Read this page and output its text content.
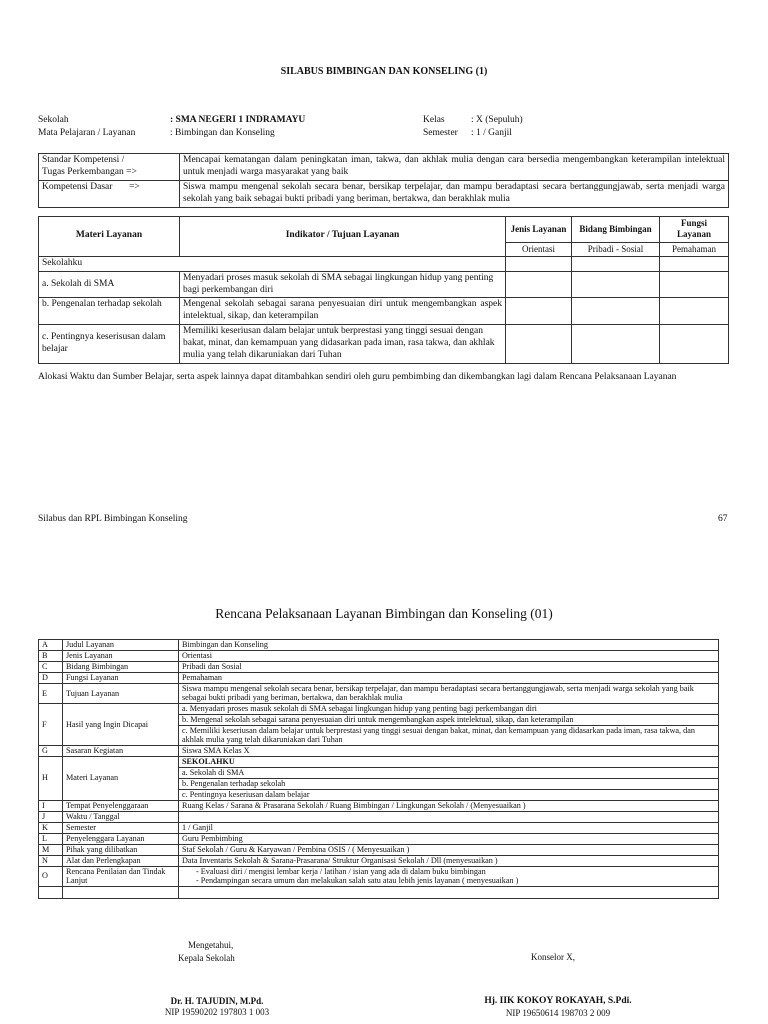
SILABUS BIMBINGAN DAN KONSELING (1)
Sekolah	: SMA NEGERI 1 INDRAMAYU	Kelas	: X (Sepuluh)
Mata Pelajaran / Layanan	: Bimbingan dan Konseling	Semester	: 1 / Ganjil
Standar Kompetensi /
Tugas Perkembangan =>	Mencapai kematangan dalam peningkatan iman, takwa, dan akhlak mulia dengan cara bersedia mengembangkan keterampilan intelektual untuk menjadi warga masyarakat yang baik
Kompetensi Dasar       =>	Siswa mampu mengenal sekolah secara benar, bersikap terpelajar, dan mampu beradaptasi secara bertanggungjawab, serta menjadi warga sekolah yang baik sebagai bukti pribadi yang beriman, bertakwa, dan berakhlak mulia
Materi Layanan	Indikator / Tujuan Layanan	Jenis Layanan	Bidang Bimbingan	Fungsi Layanan
		Orientasi	Pribadi - Sosial	Pemahaman
Sekolahku				
a. Sekolah di SMA	Menyadari proses masuk sekolah di SMA sebagai lingkungan hidup yang penting bagi perkembangan diri			
b. Pengenalan terhadap sekolah	Mengenal sekolah sebagai sarana penyesuaian diri untuk mengembangkan aspek intelektual, sikap, dan keterampilan			
c. Pentingnya keserisusan dalam belajar	Memiliki keseriusan dalam belajar untuk berprestasi yang tinggi sesuai dengan bakat, minat, dan kemampuan yang didasarkan pada iman, rasa takwa, dan akhlak mulia yang telah dikaruniakan dari Tuhan			
Alokasi Waktu dan Sumber Belajar, serta aspek lainnya dapat ditambahkan sendiri oleh guru pembimbing dan dikembangkan lagi dalam Rencana Pelaksanaan Layanan
Silabus dan RPL Bimbingan Konseling	67
Rencana Pelaksanaan Layanan Bimbingan dan Konseling (01)
A	Judul Layanan	Bimbingan dan Konseling
B	Jenis Layanan	Orientasi
C	Bidang Bimbingan	Pribadi dan Sosial
D	Fungsi Layanan	Pemahaman
E	Tujuan Layanan	Siswa mampu mengenal sekolah secara benar, bersikap terpelajar, dan mampu beradaptasi secara bertanggungjawab, serta menjadi warga sekolah yang baik sebagai bukti pribadi yang beriman, bertakwa, dan berakhlak mulia
F	Hasil yang Ingin Dicapai	a. Menyadari proses masuk sekolah di SMA sebagai lingkungan hidup yang penting bagi perkembangan diri
		b. Mengenal sekolah sebagai sarana penyesuaian diri untuk mengembangkan aspek intelektual, sikap, dan keterampilan
		c. Memiliki keseriusan dalam belajar untuk berprestasi yang tinggi sesuai dengan bakat, minat, dan kemampuan yang didasarkan pada iman, rasa takwa, dan akhlak mulia yang telah dikaruniakan dari Tuhan
G	Sasaran Kegiatan	Siswa SMA Kelas X
H	Materi Layanan	SEKOLAHKU
		a. Sekolah di SMA
		b. Pengenalan terhadap sekolah
		c. Pentingnya keseriusan dalam belajar
I	Tempat Penyelenggaraan	Ruang Kelas / Sarana & Prasarana Sekolah / Ruang Bimbingan / Lingkungan Sekolah / (Menyesuaikan )
J	Waktu / Tanggal	
K	Semester	1 / Ganjil
L	Penyelenggara Layanan	Guru Pembimbing
M	Pihak yang dilibatkan	Staf Sekolah / Guru & Karyawan / Pembina OSIS / ( Menyesuaikan )
N	Alat dan Perlengkapan	Data Inventaris Sekolah & Sarana-Prasarana/ Struktur Organisasi Sekolah / Dll (menyesuaikan )
O	Rencana Penilaian dan Tindak Lanjut	- Evaluasi diri / mengisi lembar kerja / latihan / isian yang ada di dalam buku bimbingan
- Pendampingan secara umum dan melakukan salah satu atau lebih jenis layanan ( menyesuaikan )

Mengetahui,
Kepala Sekolah	Konselor X,
Dr. H. TAJUDIN, M.Pd.
NIP 19590202 197803 1 003
Hj. IIK KOKOY ROKAYAH, S.Pdi.
NIP 19650614 198703 2 009
